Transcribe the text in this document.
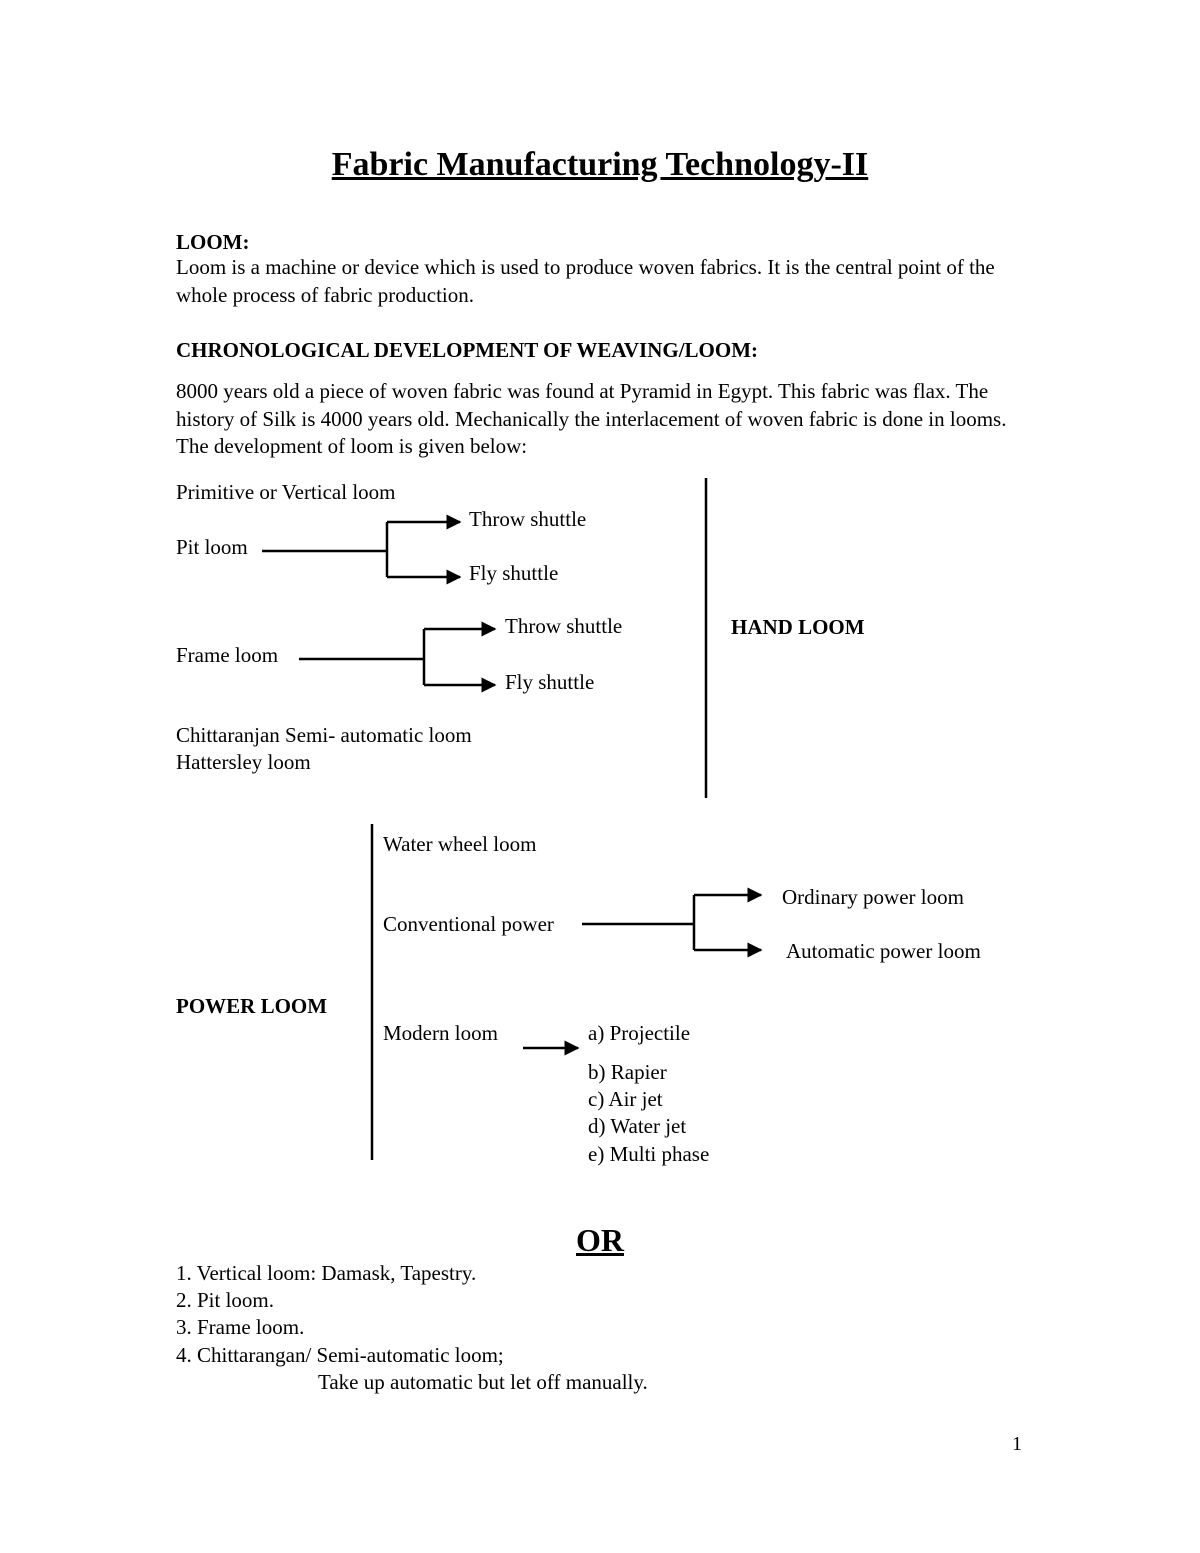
Fabric Manufacturing Technology-II
LOOM:
Loom is a machine or device which is used to produce woven fabrics. It is the central point of the whole process of fabric production.
CHRONOLOGICAL DEVELOPMENT OF WEAVING/LOOM:
8000 years old a piece of woven fabric was found at Pyramid in Egypt. This fabric was flax. The history of Silk is 4000 years old. Mechanically the interlacement of woven fabric is done in looms. The development of loom is given below:
Primitive or Vertical loom
Pit loom
Throw shuttle
Fly shuttle
Frame loom
Throw shuttle
Fly shuttle
Chittaranjan Semi- automatic loom
Hattersley loom
HAND LOOM
POWER LOOM
Water wheel loom
Conventional power
Ordinary power loom
Automatic power loom
Modern loom	a) Projectile
b) Rapier
c) Air jet
d) Water jet
e) Multi phase
OR
1. Vertical loom: Damask, Tapestry.
2. Pit loom.
3. Frame loom.
4. Chittarangan/ Semi-automatic loom;
Take up automatic but let off manually.
1
